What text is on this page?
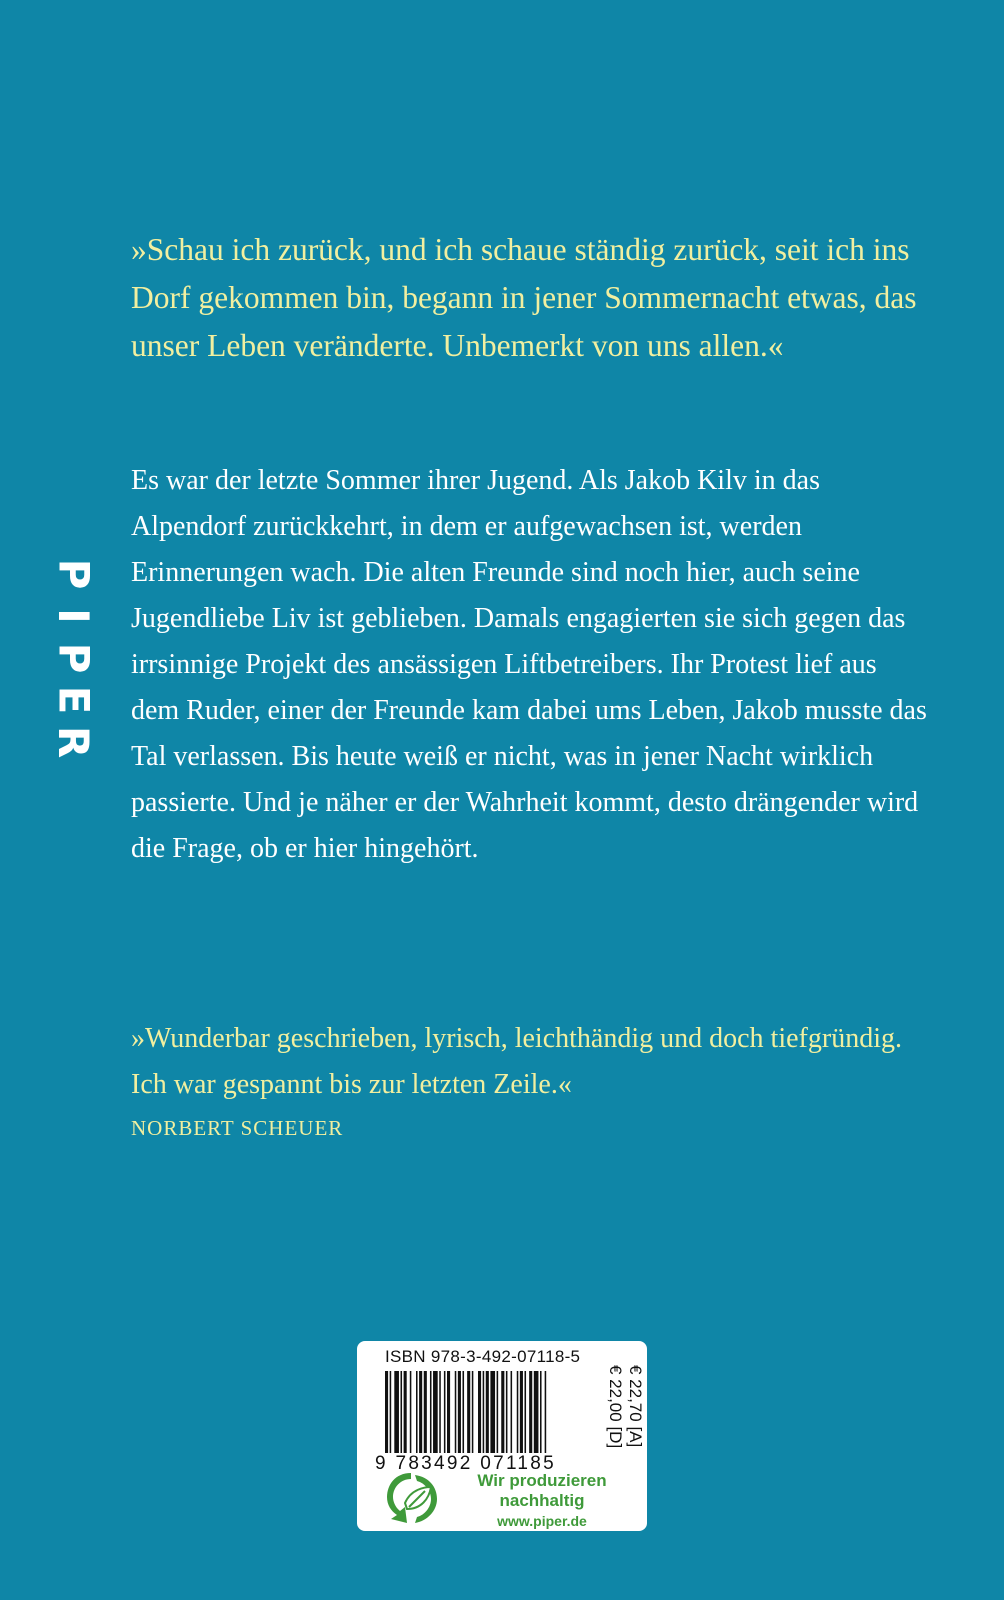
P
I
P
E
R

»Schau ich zurück, und ich schaue ständig zurück, seit ich ins Dorf gekommen bin, begann in jener Sommernacht etwas, das unser Leben veränderte. Unbemerkt von uns allen.«

Es war der letzte Sommer ihrer Jugend. Als Jakob Kilv in das Alpendorf zurückkehrt, in dem er aufgewachsen ist, werden Erinnerungen wach. Die alten Freunde sind noch hier, auch seine Jugendliebe Liv ist geblieben. Damals engagierten sie sich gegen das irrsinnige Projekt des ansässigen Liftbetreibers. Ihr Protest lief aus dem Ruder, einer der Freunde kam dabei ums Leben, Jakob musste das Tal verlassen. Bis heute weiß er nicht, was in jener Nacht wirklich passierte. Und je näher er der Wahrheit kommt, desto drängender wird die Frage, ob er hier hingehört.

»Wunderbar geschrieben, lyrisch, leichthändig und doch tiefgründig. Ich war gespannt bis zur letzten Zeile.«

NORBERT SCHEUER
ISBN 978-3-492-07118-5
9 783492 071185
€ 22,00 [D] € 22,70 [A]
Wir produzieren
nachhaltig
www.piper.de
